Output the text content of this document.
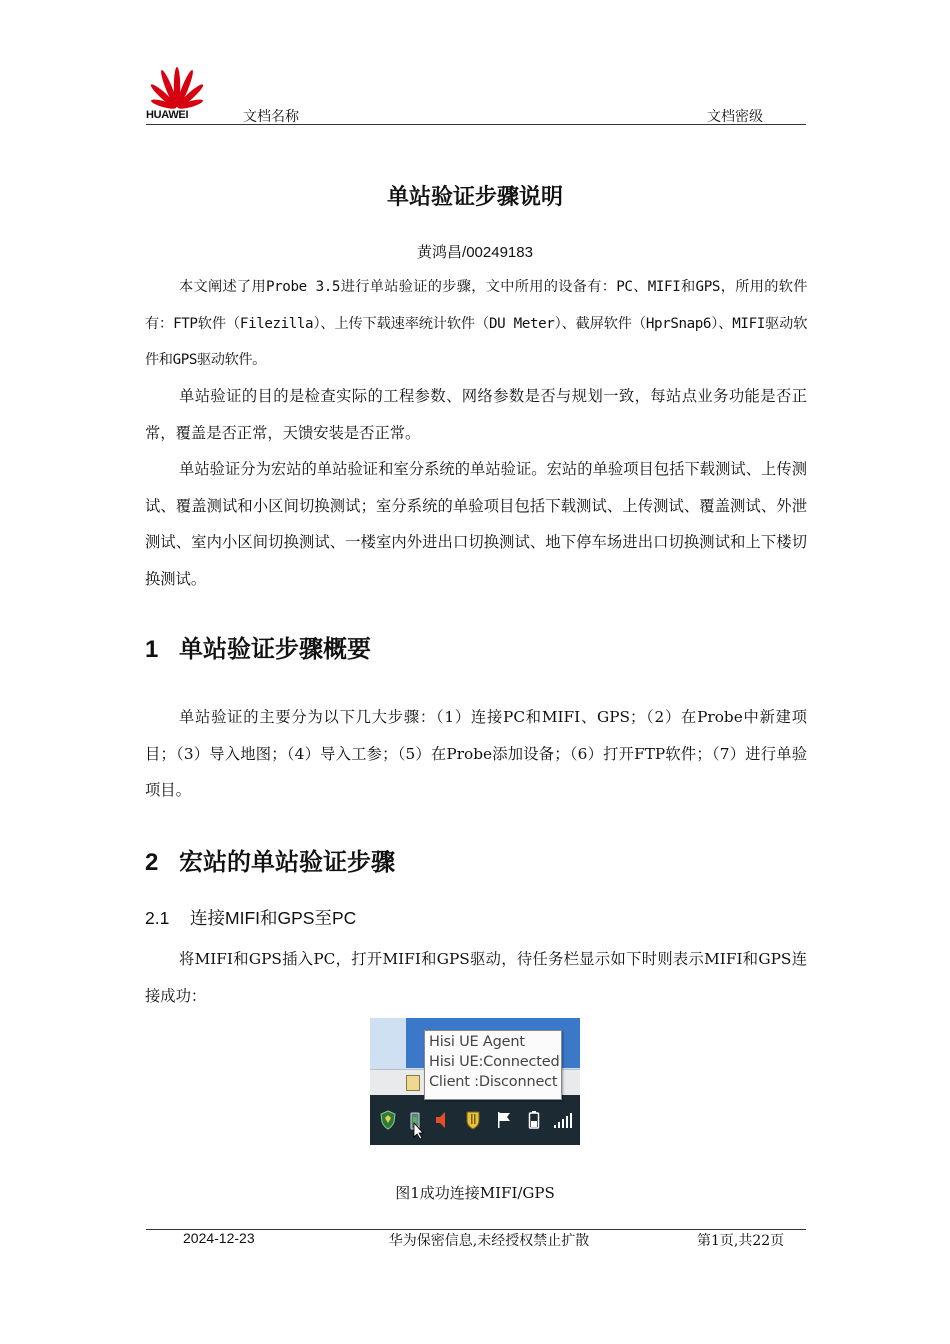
HUAWEI	文档名称	文档密级
单站验证步骤说明
黄鸿昌/00249183

本文阐述了用Probe 3.5进行单站验证的步骤，文中所用的设备有：PC、MIFI和GPS，所用的软件有：FTP软件（Filezilla）、上传下载速率统计软件（DU Meter）、截屏软件（HprSnap6）、MIFI驱动软件和GPS驱动软件。

单站验证的目的是检查实际的工程参数、网络参数是否与规划一致，每站点业务功能是否正常，覆盖是否正常，天馈安装是否正常。

单站验证分为宏站的单站验证和室分系统的单站验证。宏站的单验项目包括下载测试、上传测试、覆盖测试和小区间切换测试；室分系统的单验项目包括下载测试、上传测试、覆盖测试、外泄测试、室内小区间切换测试、一楼室内外进出口切换测试、地下停车场进出口切换测试和上下楼切换测试。

1 单站验证步骤概要

单站验证的主要分为以下几大步骤：（1）连接PC和MIFI、GPS；（2）在Probe中新建项目；（3）导入地图；（4）导入工参；（5）在Probe添加设备；（6）打开FTP软件；（7）进行单验项目。

2 宏站的单站验证步骤
2.1 连接MIFI和GPS至PC

将MIFI和GPS插入PC，打开MIFI和GPS驱动，待任务栏显示如下时则表示MIFI和GPS连接成功：

Hisi UE Agent
Hisi UE:Connected
Client :Disconnect
图1成功连接MIFI/GPS
2024-12-23	华为保密信息,未经授权禁止扩散	第1页,共22页
